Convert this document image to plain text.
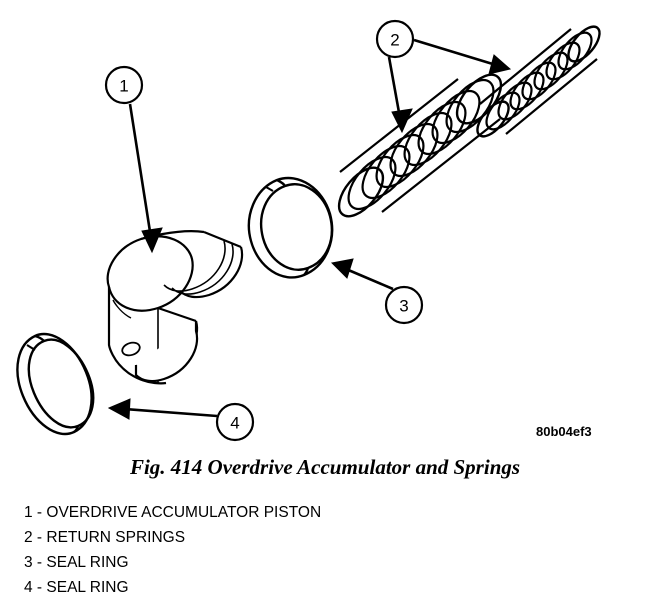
1
2
3
4	80b04ef3
Fig. 414 Overdrive Accumulator and Springs
1 - OVERDRIVE ACCUMULATOR PISTON
2 - RETURN SPRINGS
3 - SEAL RING
4 - SEAL RING
